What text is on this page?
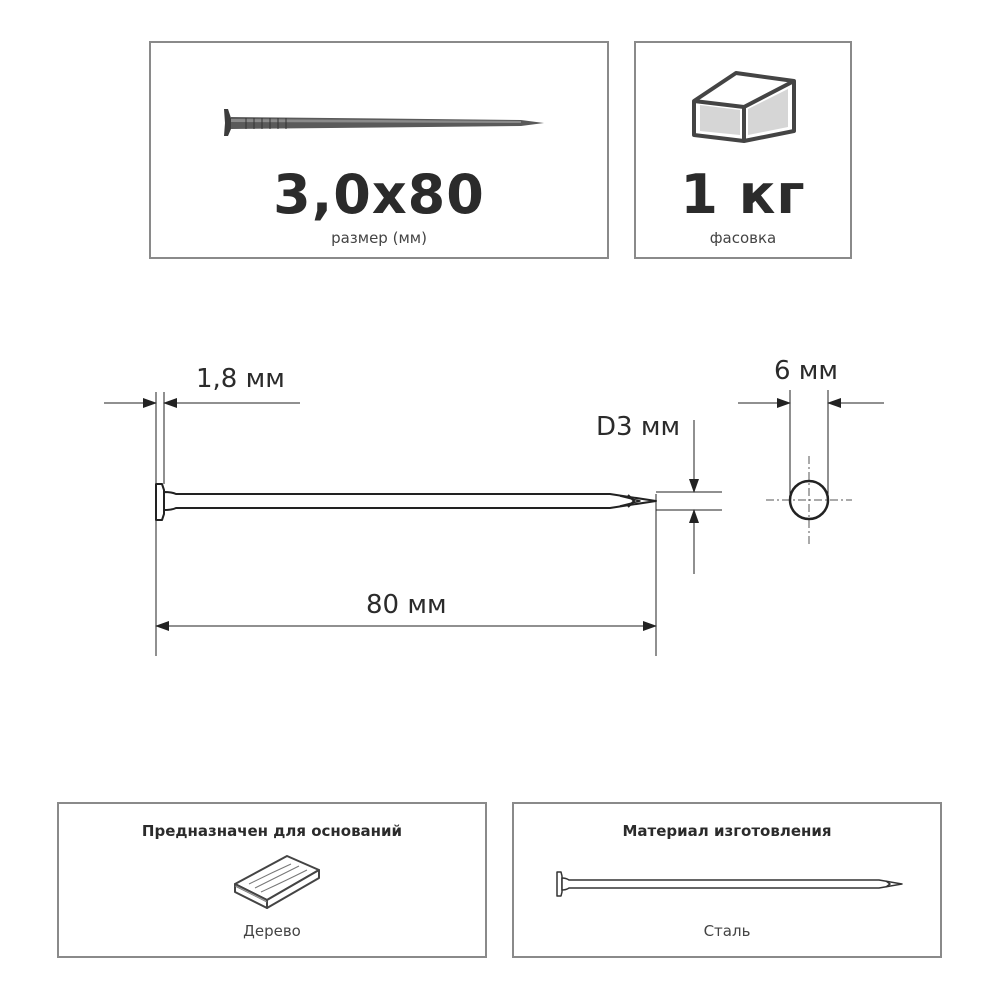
3,0x80
размер (мм)
1 кг
фасовка
1,8 мм	6 мм
D3 мм
80 мм
Предназначен для оснований
Дерево
Материал изготовления
Сталь
